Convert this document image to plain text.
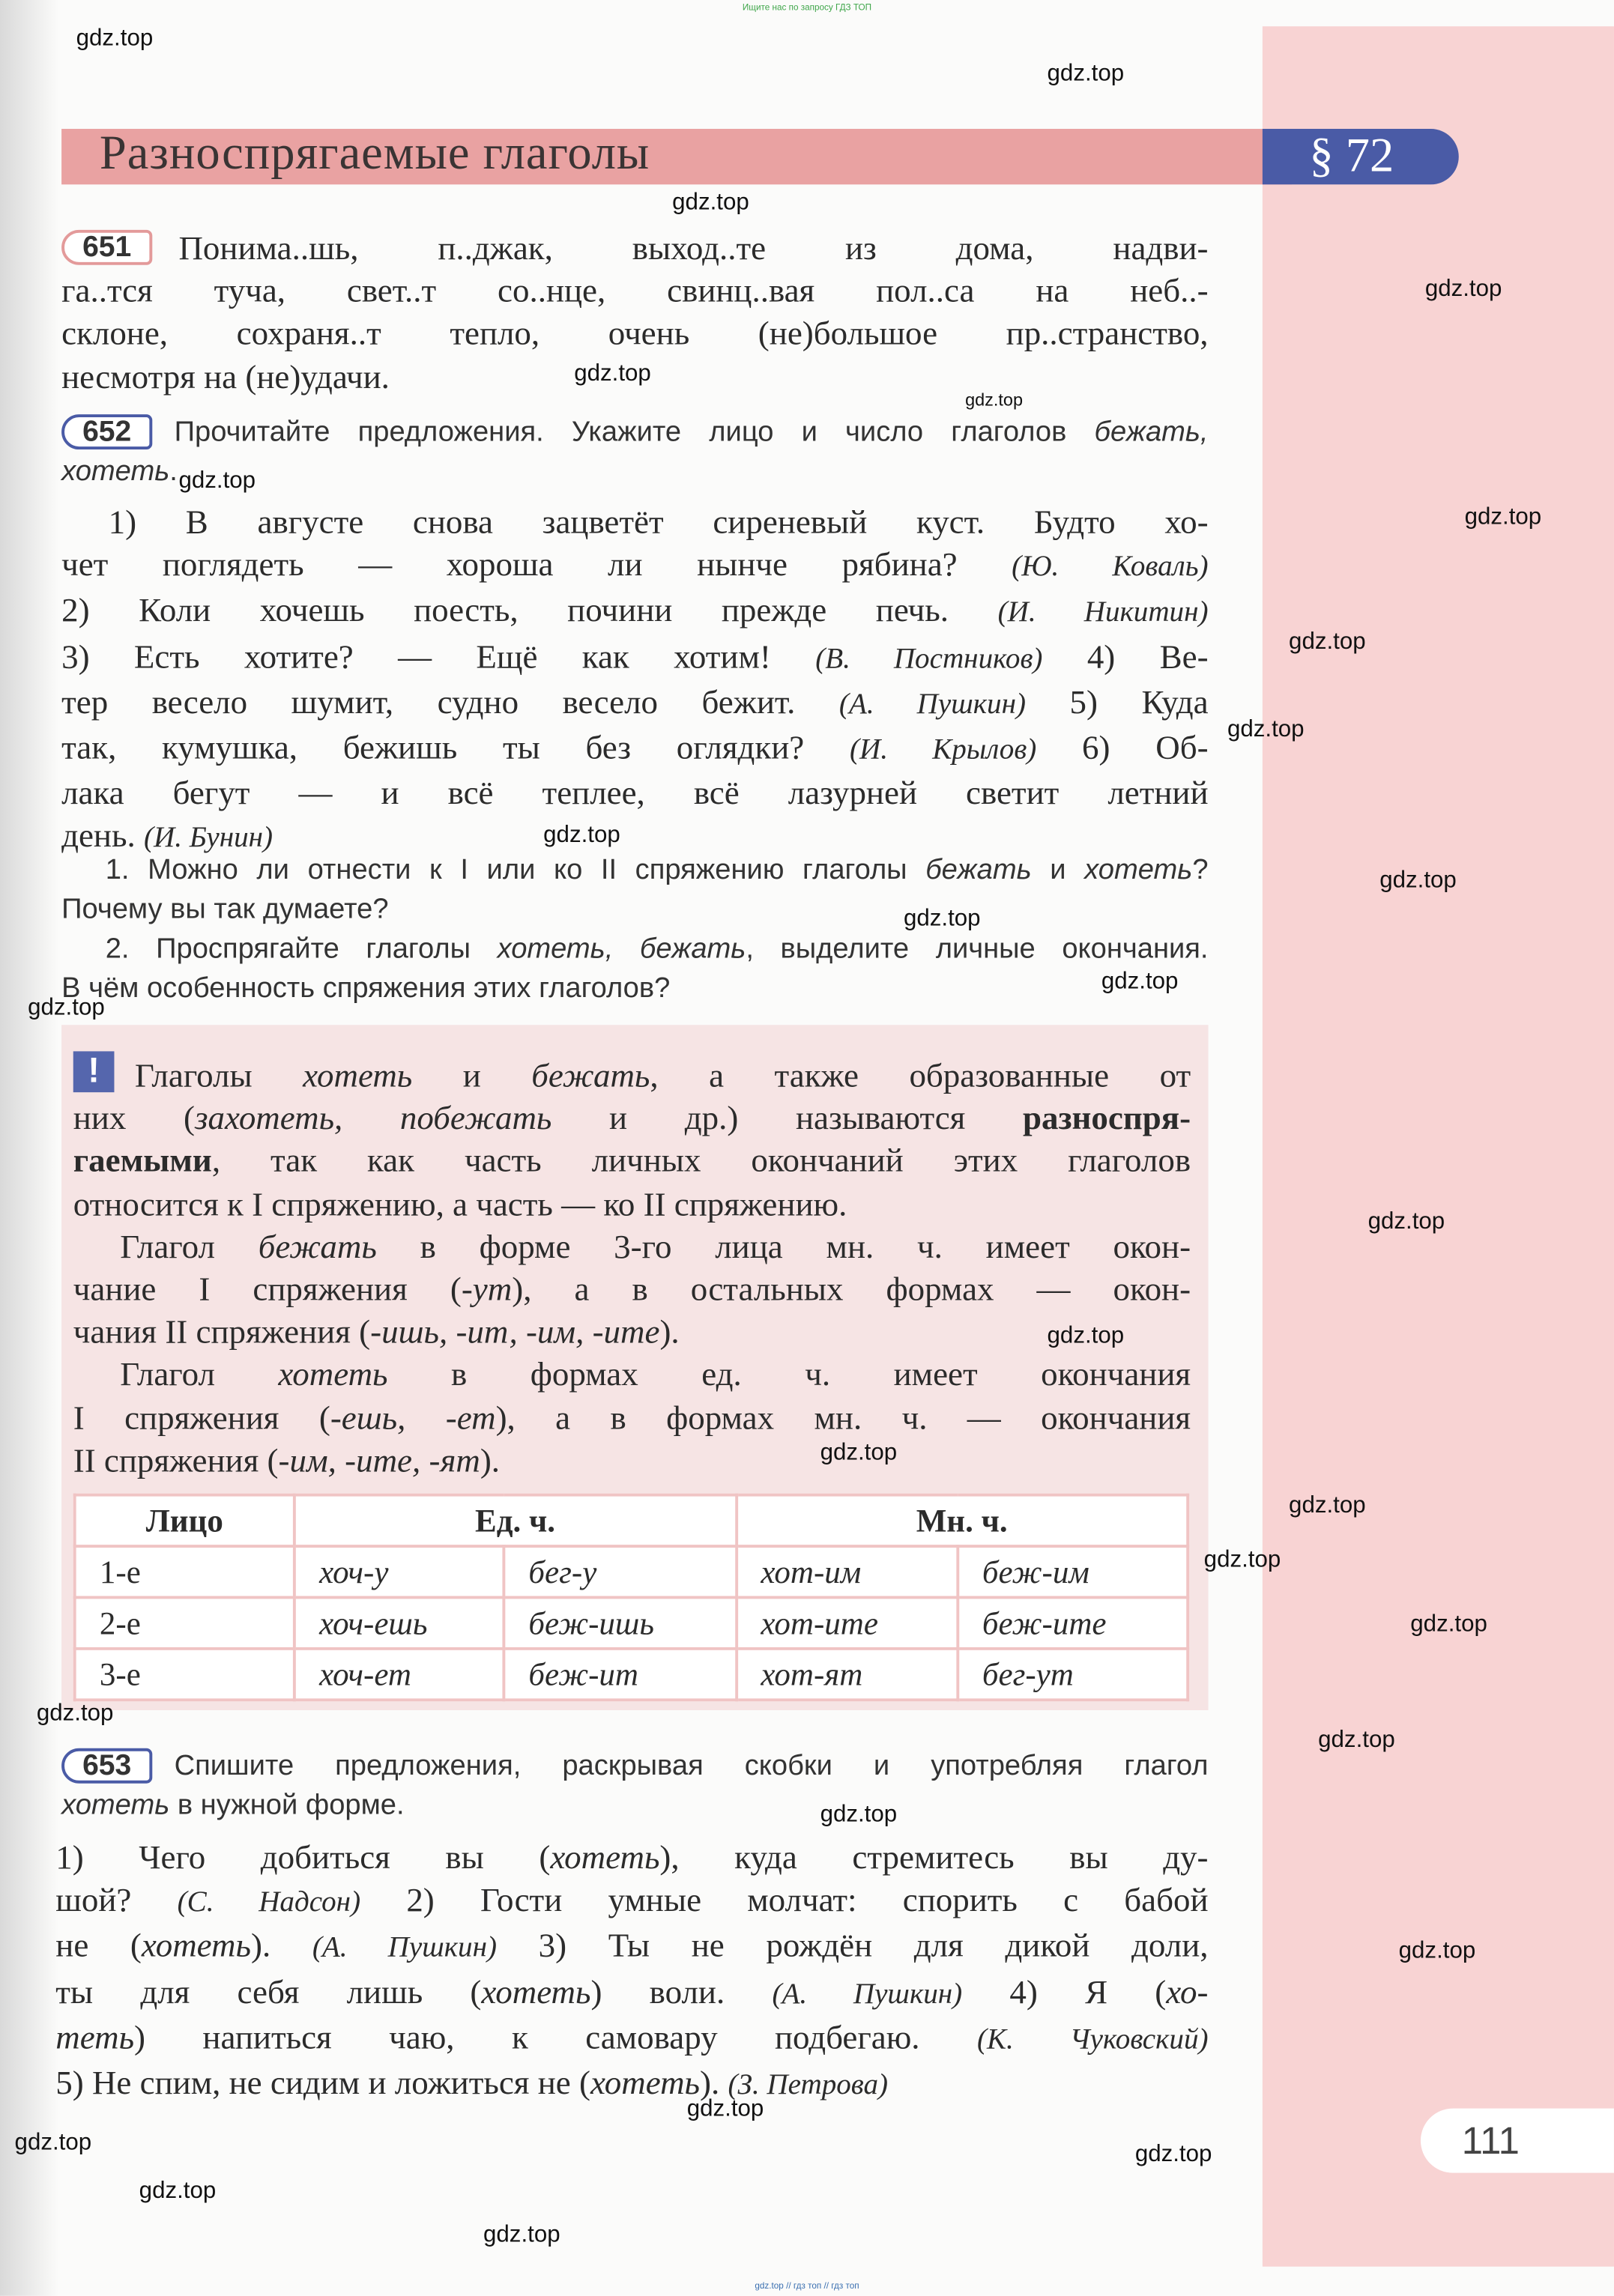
Ищите нас по запросу ГДЗ ТОП
Разноспрягаемые глаголы	§ 72
651	Понима..шь, п..джак, выход..те из дома, надви-
га..тся туча, свет..т со..нце, свинц..вая пол..са на неб..-
склоне, сохраня..т тепло, очень (не)большое пр..странство,
несмотря на (не)удачи.
652	Прочитайте предложения. Укажите лицо и число глаголов бежать,
хотеть.
1) В августе снова зацветёт сиреневый куст. Будто хо-
чет поглядеть — хороша ли нынче рябина? (Ю. Коваль)
2) Коли хочешь поесть, почини прежде печь. (И. Никитин)
3) Есть хотите? — Ещё как хотим! (В. Постников) 4) Ве-
тер весело шумит, судно весело бежит. (А. Пушкин) 5) Куда
так, кумушка, бежишь ты без оглядки? (И. Крылов) 6) Об-
лака бегут — и всё теплее, всё лазурней светит летний
день. (И. Бунин)
1. Можно ли отнести к I или ко II спряжению глаголы бежать и хотеть?
Почему вы так думаете?
2. Проспрягайте глаголы хотеть, бежать, выделите личные окончания.
В чём особенность спряжения этих глаголов?
!	Глаголы хотеть и бежать, а также образованные от
них (захотеть, побежать и др.) называются разноспря-
гаемыми, так как часть личных окончаний этих глаголов
относится к I спряжению, а часть — ко II спряжению.
Глагол бежать в форме 3-го лица мн. ч. имеет окон-
чание I спряжения (-ут), а в остальных формах — окон-
чания II спряжения (-ишь, -ит, -им, -ите).
Глагол хотеть в формах ед. ч. имеет окончания
I спряжения (-ешь, -ет), а в формах мн. ч. — окончания
II спряжения (-им, -ите, -ят).
Лицо	Ед. ч.		Мн. ч.	
1-е	хоч-у	бег-у	хот-им	беж-им
2-е	хоч-ешь	беж-ишь	хот-ите	беж-ите
3-е	хоч-ет	беж-ит	хот-ят	бег-ут
653	Спишите предложения, раскрывая скобки и употребляя глагол
хотеть в нужной форме.
1) Чего добиться вы (хотеть), куда стремитесь вы ду-
шой? (С. Надсон) 2) Гости умные молчат: спорить с бабой
не (хотеть). (А. Пушкин) 3) Ты не рождён для дикой доли,
ты для себя лишь (хотеть) воли. (А. Пушкин) 4) Я (хо-
теть) напиться чаю, к самовару подбегаю. (К. Чуковский)
5) Не спим, не сидим и ложиться не (хотеть). (З. Петрова)
111
gdz.top // гдз топ // гдз топ
gdz.top
gdz.top
gdz.top
gdz.top
gdz.top
gdz.top
gdz.top
gdz.top
gdz.top
gdz.top
gdz.top
gdz.top
gdz.top
gdz.top
gdz.top
gdz.top
gdz.top
gdz.top
gdz.top
gdz.top
gdz.top
gdz.top
gdz.top
gdz.top
gdz.top
gdz.top
gdz.top
gdz.top
gdz.top
gdz.top
